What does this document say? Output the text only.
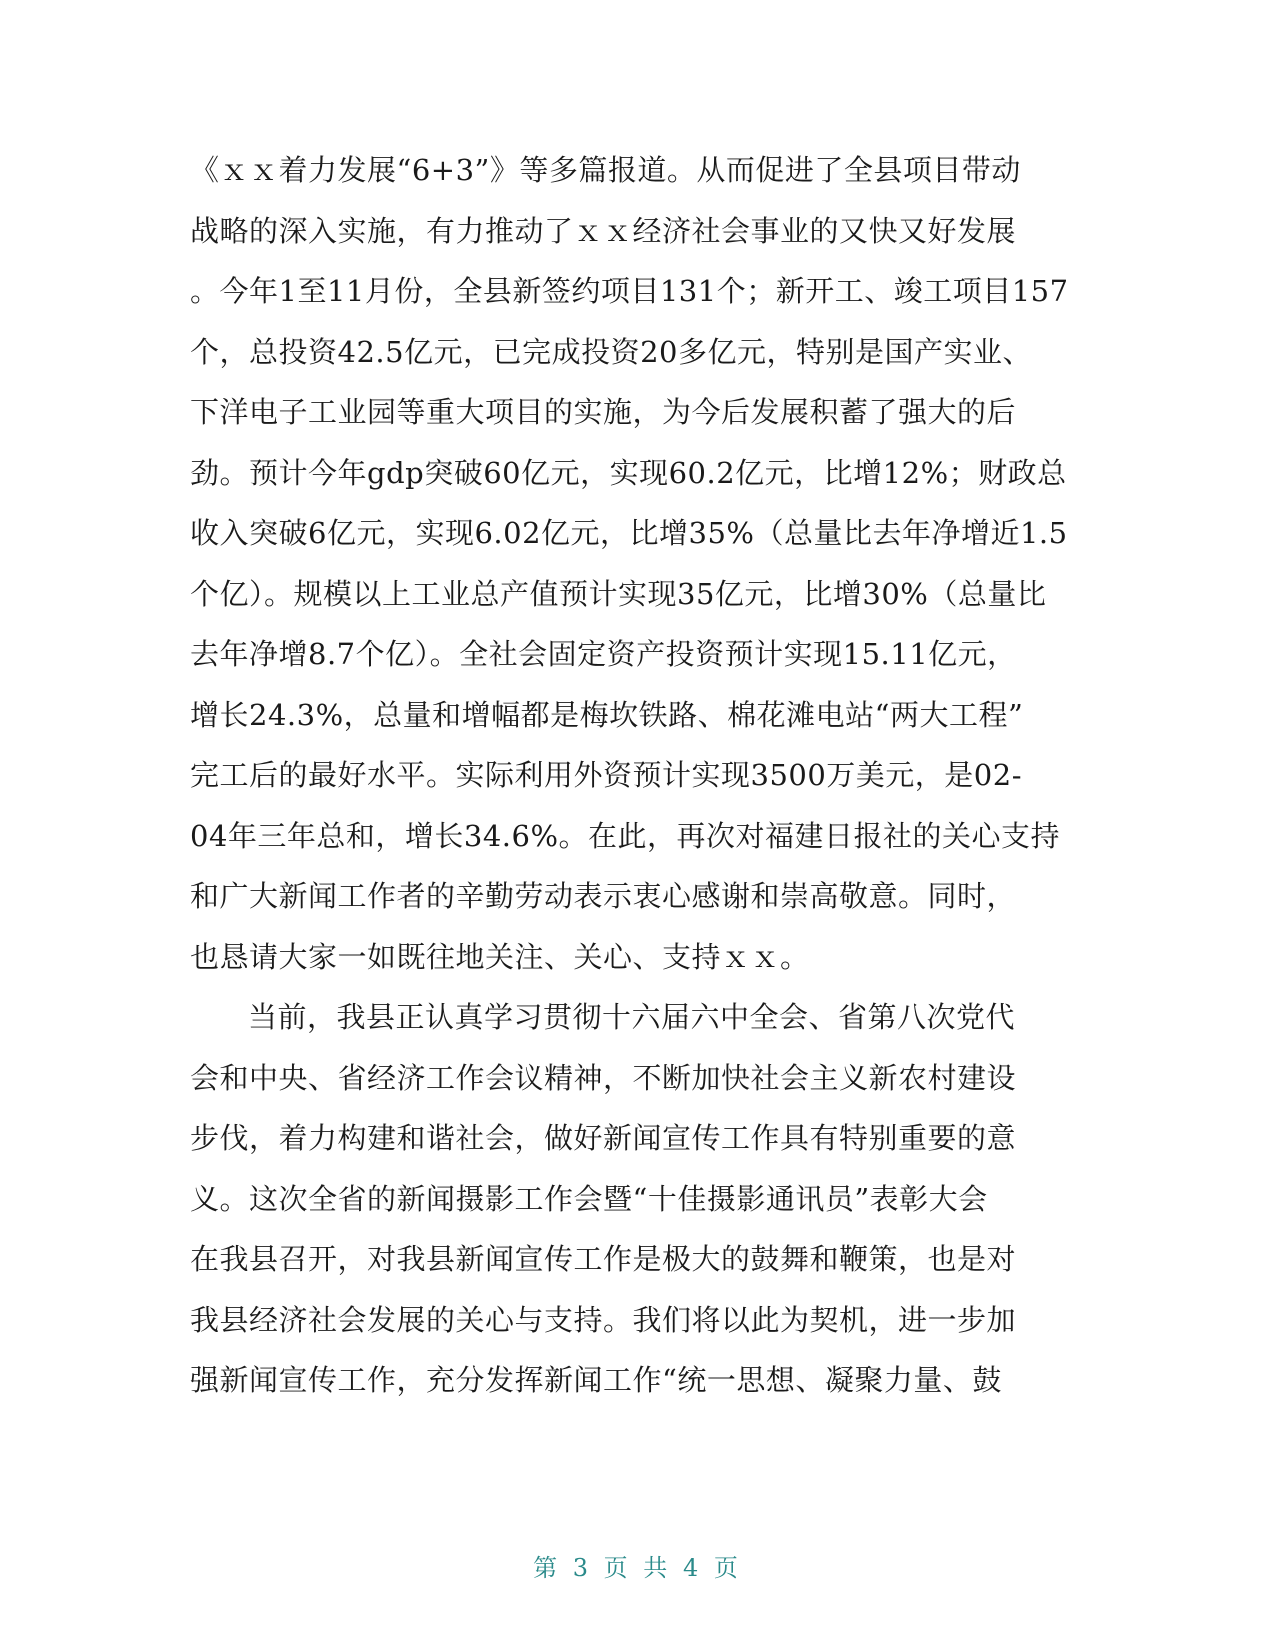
《ｘｘ着力发展“6+3”》等多篇报道。从而促进了全县项目带动
战略的深入实施，有力推动了ｘｘ经济社会事业的又快又好发展
。今年1至11月份，全县新签约项目131个；新开工、竣工项目157
个，总投资42.5亿元，已完成投资20多亿元，特别是国产实业、
下洋电子工业园等重大项目的实施，为今后发展积蓄了强大的后
劲。预计今年gdp突破60亿元，实现60.2亿元，比增12%；财政总
收入突破6亿元，实现6.02亿元，比增35%（总量比去年净增近1.5
个亿）。规模以上工业总产值预计实现35亿元，比增30%（总量比
去年净增8.7个亿）。全社会固定资产投资预计实现15.11亿元，
增长24.3%，总量和增幅都是梅坎铁路、棉花滩电站“两大工程”
完工后的最好水平。实际利用外资预计实现3500万美元，是02-
04年三年总和，增长34.6%。在此，再次对福建日报社的关心支持
和广大新闻工作者的辛勤劳动表示衷心感谢和崇高敬意。同时，
也恳请大家一如既往地关注、关心、支持ｘｘ。
当前，我县正认真学习贯彻十六届六中全会、省第八次党代
会和中央、省经济工作会议精神，不断加快社会主义新农村建设
步伐，着力构建和谐社会，做好新闻宣传工作具有特别重要的意
义。这次全省的新闻摄影工作会暨“十佳摄影通讯员”表彰大会
在我县召开，对我县新闻宣传工作是极大的鼓舞和鞭策，也是对
我县经济社会发展的关心与支持。我们将以此为契机，进一步加
强新闻宣传工作，充分发挥新闻工作“统一思想、凝聚力量、鼓
第 3 页 共 4 页
